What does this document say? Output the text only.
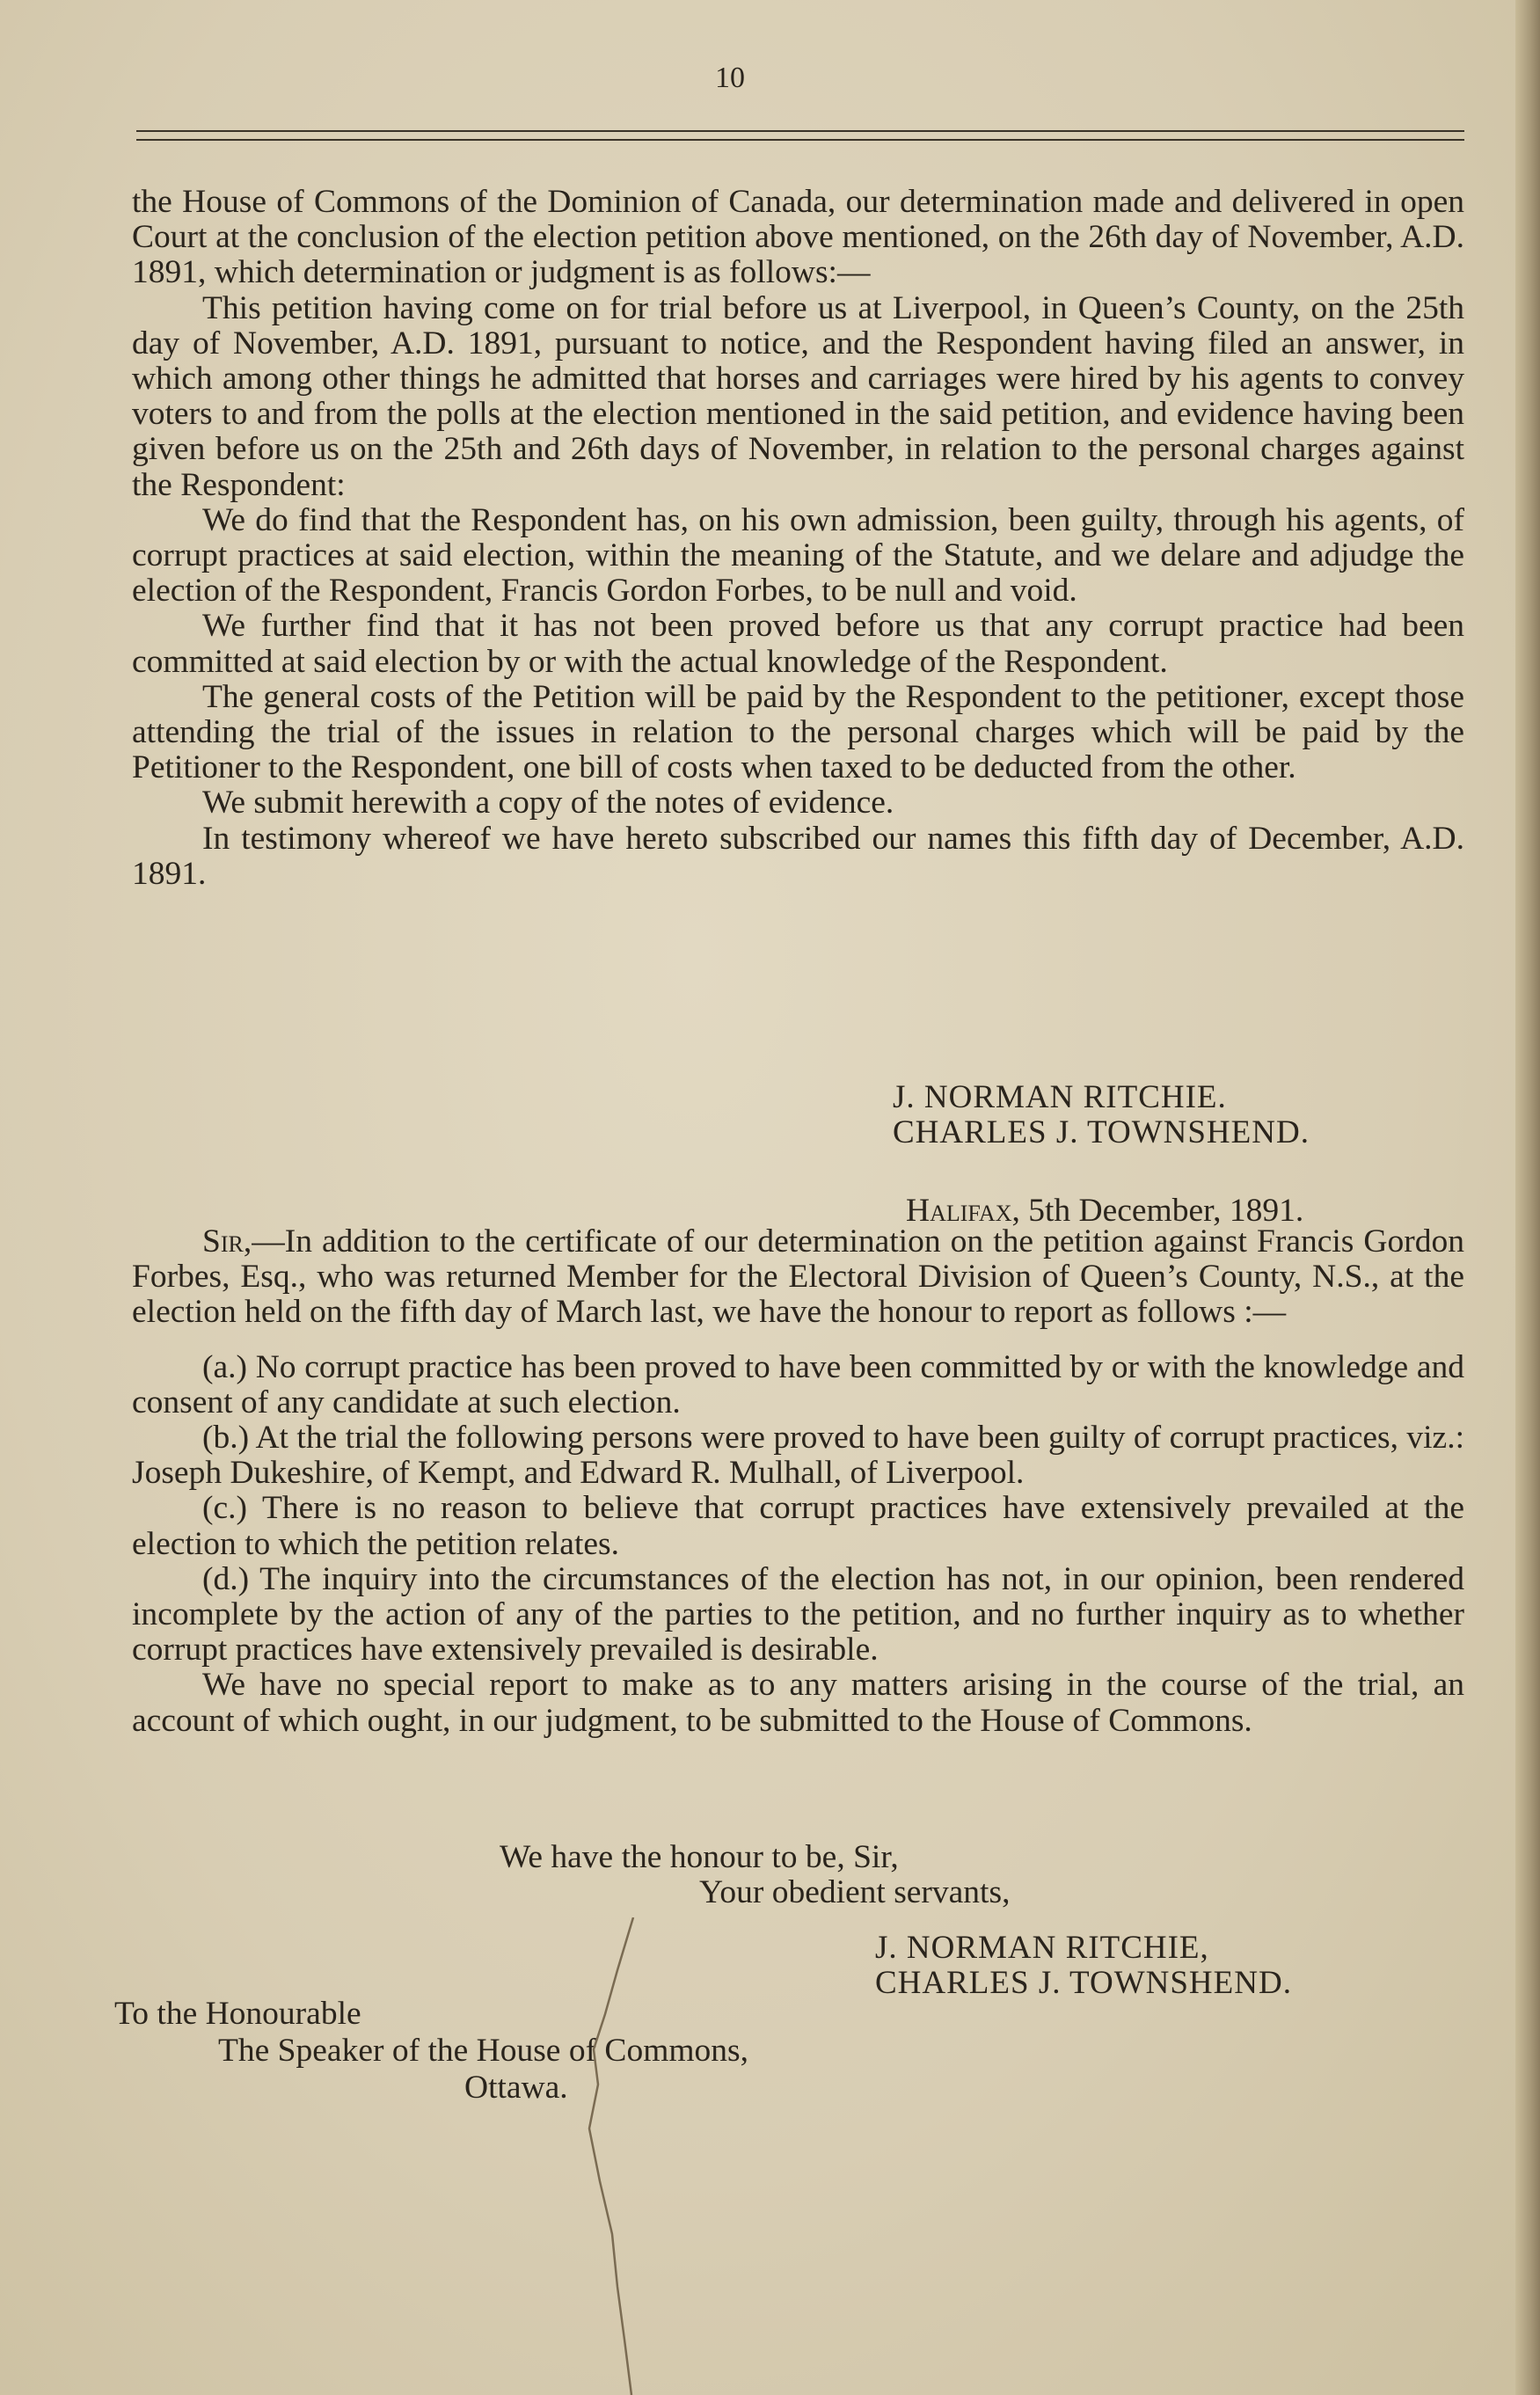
10

the House of Commons of the Dominion of Canada, our determination made and delivered in open Court at the conclusion of the election petition above mentioned, on the 26th day of November, A.D. 1891, which determination or judgment is as follows:—

This petition having come on for trial before us at Liverpool, in Queen’s County, on the 25th day of November, A.D. 1891, pursuant to notice, and the Respondent having filed an answer, in which among other things he admitted that horses and carriages were hired by his agents to convey voters to and from the polls at the election mentioned in the said petition, and evidence having been given before us on the 25th and 26th days of November, in relation to the personal charges against the Respondent:

We do find that the Respondent has, on his own admission, been guilty, through his agents, of corrupt practices at said election, within the meaning of the Statute, and we delare and adjudge the election of the Respondent, Francis Gordon Forbes, to be null and void.

We further find that it has not been proved before us that any corrupt practice had been committed at said election by or with the actual knowledge of the Respondent.

The general costs of the Petition will be paid by the Respondent to the petitioner, except those attending the trial of the issues in relation to the personal charges which will be paid by the Petitioner to the Respondent, one bill of costs when taxed to be deducted from the other.

We submit herewith a copy of the notes of evidence.

In testimony whereof we have hereto subscribed our names this fifth day of December, A.D. 1891.

J. NORMAN RITCHIE.
CHARLES J. TOWNSHEND.
Halifax, 5th December, 1891.

Sir,—In addition to the certificate of our determination on the petition against Francis Gordon Forbes, Esq., who was returned Member for the Electoral Division of Queen’s County, N.S., at the election held on the fifth day of March last, we have the honour to report as follows :—

(a.) No corrupt practice has been proved to have been committed by or with the knowledge and consent of any candidate at such election.

(b.) At the trial the following persons were proved to have been guilty of corrupt practices, viz.: Joseph Dukeshire, of Kempt, and Edward R. Mulhall, of Liverpool.

(c.) There is no reason to believe that corrupt practices have extensively prevailed at the election to which the petition relates.

(d.) The inquiry into the circumstances of the election has not, in our opinion, been rendered incomplete by the action of any of the parties to the petition, and no further inquiry as to whether corrupt practices have extensively prevailed is desirable.

We have no special report to make as to any matters arising in the course of the trial, an account of which ought, in our judgment, to be submitted to the House of Commons.

We have the honour to be, Sir,
Your obedient servants,
J. NORMAN RITCHIE,
CHARLES J. TOWNSHEND.
To the Honourable
The Speaker of the House of Commons,
Ottawa.
